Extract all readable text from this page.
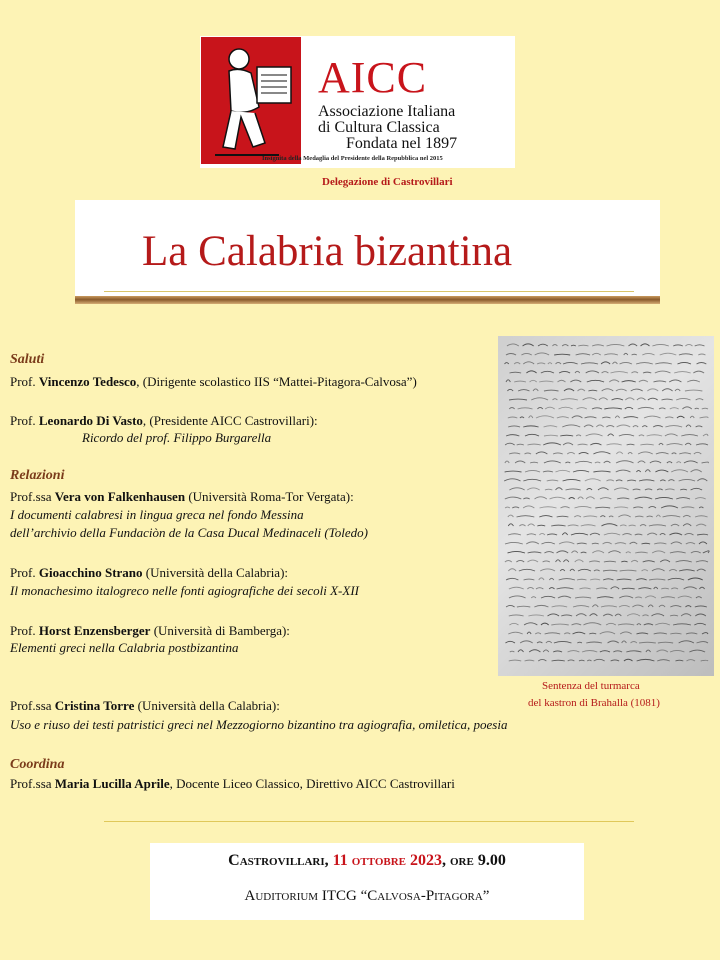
AICC
Associazione Italiana
di Cultura Classica
Fondata nel 1897
Insignita della Medaglia del Presidente della Repubblica nel 2015
Delegazione di Castrovillari
La Calabria bizantina
Saluti
Prof. Vincenzo Tedesco, (Dirigente scolastico IIS “Mattei-Pitagora-Calvosa”)
Prof. Leonardo Di Vasto, (Presidente AICC Castrovillari):
Ricordo del prof. Filippo Burgarella
Relazioni
Prof.ssa Vera von Falkenhausen (Università Roma-Tor Vergata):
I documenti calabresi in lingua greca nel fondo Messina
dell’archivio della Fundaciòn de la Casa Ducal Medinaceli (Toledo)
Prof. Gioacchino Strano (Università della Calabria):
Il monachesimo italogreco nelle fonti agiografiche dei secoli X-XII
Prof. Horst Enzensberger (Università di Bamberga):
Elementi greci nella Calabria postbizantina
Prof.ssa Cristina Torre (Università della Calabria):
Uso e riuso dei testi patristici greci nel Mezzogiorno bizantino tra agiografia, omiletica, poesia
Sentenza del turmarca
del kastron di Brahalla (1081)
Coordina
Prof.ssa Maria Lucilla Aprile, Docente Liceo Classico, Direttivo AICC Castrovillari
Castrovillari, 11 ottobre 2023, ore 9.00
Auditorium ITCG “Calvosa-Pitagora”
